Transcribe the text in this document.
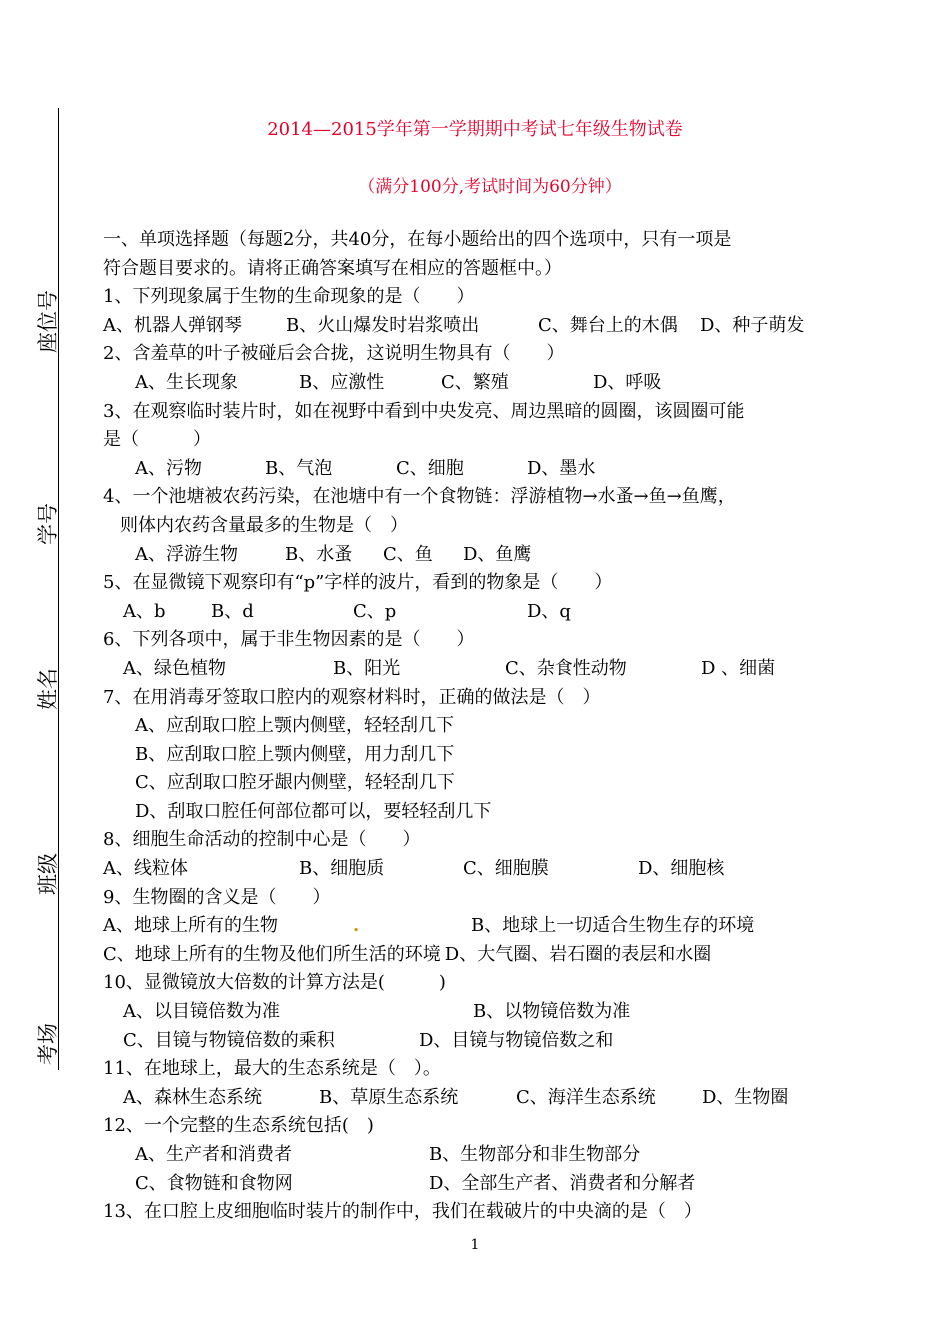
座位号
学号
姓名
班级
考场
2014—2015学年第一学期期中考试七年级生物试卷
（满分100分,考试时间为60分钟）
一、单项选择题（每题2分，共40分，在每小题给出的四个选项中，只有一项是
符合题目要求的。请将正确答案填写在相应的答题框中。）
1、下列现象属于生物的生命现象的是（　　）
A、机器人弹钢琴 B、火山爆发时岩浆喷出	C、舞台上的木偶 D、种子萌发
2、含羞草的叶子被碰后会合拢，这说明生物具有（　　）
A、生长现象	B、应激性	C、繁殖	D、呼吸
3、在观察临时装片时，如在视野中看到中央发亮、周边黑暗的圆圈，该圆圈可能
是（　　　）
A、污物	B、气泡	C、细胞	D、墨水
4、一个池塘被农药污染，在池塘中有一个食物链：浮游植物→水蚤→鱼→鱼鹰，
则体内农药含量最多的生物是（　）
A、浮游生物	B、水蚤 C、鱼 D、鱼鹰
5、在显微镜下观察印有“p”字样的波片，看到的物象是（　　）
A、b	B、d	C、p	D、q
6、下列各项中，属于非生物因素的是（　　）
A、绿色植物	B、阳光	C、杂食性动物	D 、细菌
7、在用消毒牙签取口腔内的观察材料时，正确的做法是（　）
A、应刮取口腔上颚内侧壁，轻轻刮几下
B、应刮取口腔上颚内侧壁，用力刮几下
C、应刮取口腔牙龈内侧壁，轻轻刮几下
D、刮取口腔任何部位都可以，要轻轻刮几下
8、细胞生命活动的控制中心是（　　）
A、线粒体	B、细胞质	C、细胞膜	D、细胞核
9、生物圈的含义是（　　）
A、地球上所有的生物	.	B、地球上一切适合生物生存的环境
C、地球上所有的生物及他们所生活的环境 D、大气圈、岩石圈的表层和水圈
10、显微镜放大倍数的计算方法是(　　　)
A、以目镜倍数为准	B、以物镜倍数为准
C、目镜与物镜倍数的乘积	D、目镜与物镜倍数之和
11、在地球上，最大的生态系统是（　）。
A、森林生态系统	B、草原生态系统	C、海洋生态系统	D、生物圈
12、一个完整的生态系统包括(　)
A、生产者和消费者	B、生物部分和非生物部分
C、食物链和食物网	D、全部生产者、消费者和分解者
13、在口腔上皮细胞临时装片的制作中，我们在载破片的中央滴的是（　）
1
